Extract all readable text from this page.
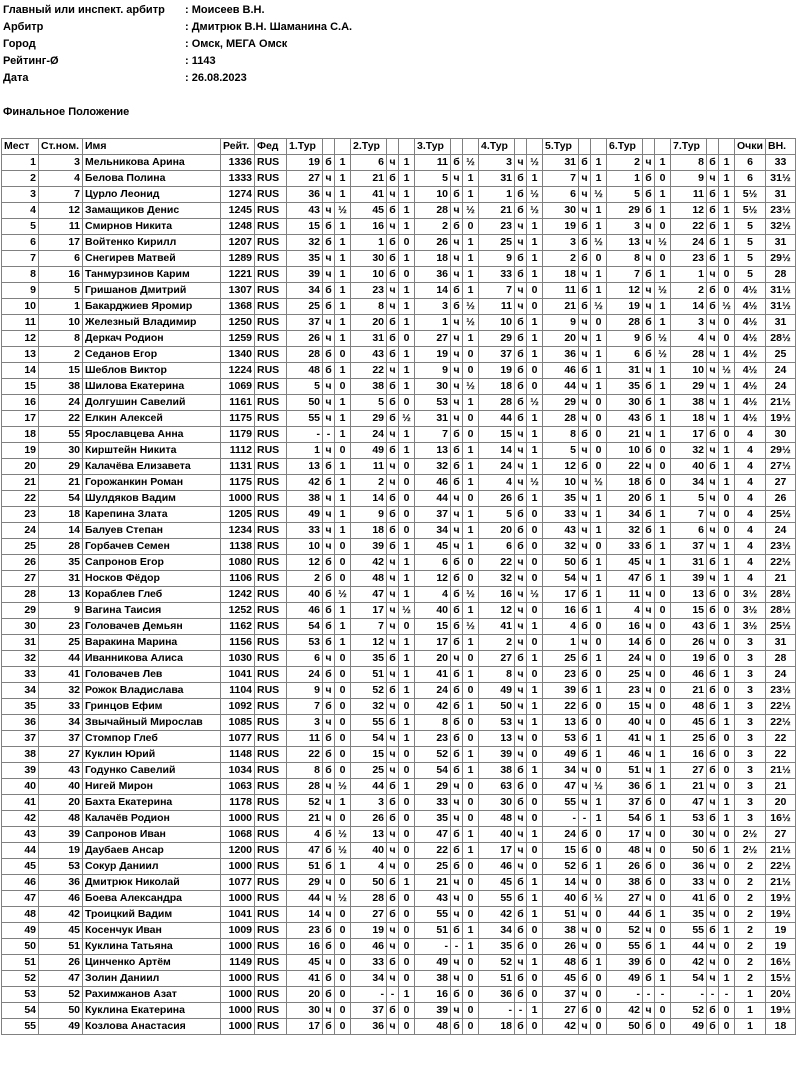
Главный или инспект. арбитр : Моисеев В.Н.
Арбитр	: Дмитрюк В.Н. Шаманина С.А.
Город	: Омск, МЕГА Омск
Рейтинг-Ø	: 1143
Дата	: 26.08.2023
Финальное Положение
Мест	Ст.ном.	Имя	Рейт.	Фед	1.Тур			2.Тур			3.Тур			4.Тур			5.Тур			6.Тур			7.Тур			Очки	ВН.
1	3	Мельникова Арина	1336	RUS	19	б	1	6	ч	1	11	б	½	3	ч	½	31	б	1	2	ч	1	8	б	1	6	33
2	4	Белова Полина	1333	RUS	27	ч	1	21	б	1	5	ч	1	31	б	1	7	ч	1	1	б	0	9	ч	1	6	31½
3	7	Цурло Леонид	1274	RUS	36	ч	1	41	ч	1	10	б	1	1	б	½	6	ч	½	5	б	1	11	б	1	5½	31
4	12	Замащиков Денис	1245	RUS	43	ч	½	45	б	1	28	ч	½	21	б	½	30	ч	1	29	б	1	12	б	1	5½	23½
5	11	Смирнов Никита	1248	RUS	15	б	1	16	ч	1	2	б	0	23	ч	1	19	б	1	3	ч	0	22	б	1	5	32½
6	17	Войтенко Кирилл	1207	RUS	32	б	1	1	б	0	26	ч	1	25	ч	1	3	б	½	13	ч	½	24	б	1	5	31
7	6	Снегирев Матвей	1289	RUS	35	ч	1	30	б	1	18	ч	1	9	б	1	2	б	0	8	ч	0	23	б	1	5	29½
8	16	Танмурзинов Карим	1221	RUS	39	ч	1	10	б	0	36	ч	1	33	б	1	18	ч	1	7	б	1	1	ч	0	5	28
9	5	Гришанов Дмитрий	1307	RUS	34	б	1	23	ч	1	14	б	1	7	ч	0	11	б	1	12	ч	½	2	б	0	4½	31½
10	1	Бакарджиев Яромир	1368	RUS	25	б	1	8	ч	1	3	б	½	11	ч	0	21	б	½	19	ч	1	14	б	½	4½	31½
11	10	Железный Владимир	1250	RUS	37	ч	1	20	б	1	1	ч	½	10	б	1	9	ч	0	28	б	1	3	ч	0	4½	31
12	8	Деркач Родион	1259	RUS	26	ч	1	31	б	0	27	ч	1	29	б	1	20	ч	1	9	б	½	4	ч	0	4½	28½
13	2	Седанов Егор	1340	RUS	28	б	0	43	б	1	19	ч	0	37	б	1	36	ч	1	6	б	½	28	ч	1	4½	25
14	15	Шеблов Виктор	1224	RUS	48	б	1	22	ч	1	9	ч	0	19	б	0	46	б	1	31	ч	1	10	ч	½	4½	24
15	38	Шилова Екатерина	1069	RUS	5	ч	0	38	б	1	30	ч	½	18	б	0	44	ч	1	35	б	1	29	ч	1	4½	24
16	24	Долгушин Савелий	1161	RUS	50	ч	1	5	б	0	53	ч	1	28	б	½	29	ч	0	30	б	1	38	ч	1	4½	21½
17	22	Елкин Алексей	1175	RUS	55	ч	1	29	б	½	31	ч	0	44	б	1	28	ч	0	43	б	1	18	ч	1	4½	19½
18	55	Ярославцева Анна	1179	RUS	-	-	1	24	ч	1	7	б	0	15	ч	1	8	б	0	21	ч	1	17	б	0	4	30
19	30	Кирштейн Никита	1112	RUS	1	ч	0	49	б	1	13	б	1	14	ч	1	5	ч	0	10	б	0	32	ч	1	4	29½
20	29	Калачёва Елизавета	1131	RUS	13	б	1	11	ч	0	32	б	1	24	ч	1	12	б	0	22	ч	0	40	б	1	4	27½
21	21	Горожанкин Роман	1175	RUS	42	б	1	2	ч	0	46	б	1	4	ч	½	10	ч	½	18	б	0	34	ч	1	4	27
22	54	Шулдяков Вадим	1000	RUS	38	ч	1	14	б	0	44	ч	0	26	б	1	35	ч	1	20	б	1	5	ч	0	4	26
23	18	Карепина Злата	1205	RUS	49	ч	1	9	б	0	37	ч	1	5	б	0	33	ч	1	34	б	1	7	ч	0	4	25½
24	14	Балуев Степан	1234	RUS	33	ч	1	18	б	0	34	ч	1	20	б	0	43	ч	1	32	б	1	6	ч	0	4	24
25	28	Горбачев Семен	1138	RUS	10	ч	0	39	б	1	45	ч	1	6	б	0	32	ч	0	33	б	1	37	ч	1	4	23½
26	35	Сапронов Егор	1080	RUS	12	б	0	42	ч	1	6	б	0	22	ч	0	50	б	1	45	ч	1	31	б	1	4	22½
27	31	Носков Фёдор	1106	RUS	2	б	0	48	ч	1	12	б	0	32	ч	0	54	ч	1	47	б	1	39	ч	1	4	21
28	13	Кораблев Глеб	1242	RUS	40	б	½	47	ч	1	4	б	½	16	ч	½	17	б	1	11	ч	0	13	б	0	3½	28½
29	9	Вагина Таисия	1252	RUS	46	б	1	17	ч	½	40	б	1	12	ч	0	16	б	1	4	ч	0	15	б	0	3½	28½
30	23	Головачев Демьян	1162	RUS	54	б	1	7	ч	0	15	б	½	41	ч	1	4	б	0	16	ч	0	43	б	1	3½	25½
31	25	Варакина Марина	1156	RUS	53	б	1	12	ч	1	17	б	1	2	ч	0	1	ч	0	14	б	0	26	ч	0	3	31
32	44	Иванникова Алиса	1030	RUS	6	ч	0	35	б	1	20	ч	0	27	б	1	25	б	1	24	ч	0	19	б	0	3	28
33	41	Головачев Лев	1041	RUS	24	б	0	51	ч	1	41	б	1	8	ч	0	23	б	0	25	ч	0	46	б	1	3	24
34	32	Рожок Владислава	1104	RUS	9	ч	0	52	б	1	24	б	0	49	ч	1	39	б	1	23	ч	0	21	б	0	3	23½
35	33	Гринцов Ефим	1092	RUS	7	б	0	32	ч	0	42	б	1	50	ч	1	22	б	0	15	ч	0	48	б	1	3	22½
36	34	Звычайный Мирослав	1085	RUS	3	ч	0	55	б	1	8	б	0	53	ч	1	13	б	0	40	ч	0	45	б	1	3	22½
37	37	Стомпор Глеб	1077	RUS	11	б	0	54	ч	1	23	б	0	13	ч	0	53	б	1	41	ч	1	25	б	0	3	22
38	27	Куклин Юрий	1148	RUS	22	б	0	15	ч	0	52	б	1	39	ч	0	49	б	1	46	ч	1	16	б	0	3	22
39	43	Годунко Савелий	1034	RUS	8	б	0	25	ч	0	54	б	1	38	б	1	34	ч	0	51	ч	1	27	б	0	3	21½
40	40	Нигей Мирон	1063	RUS	28	ч	½	44	б	1	29	ч	0	63	б	0	47	ч	½	36	б	1	21	ч	0	3	21
41	20	Бахта Екатерина	1178	RUS	52	ч	1	3	б	0	33	ч	0	30	б	0	55	ч	1	37	б	0	47	ч	1	3	20
42	48	Калачёв Родион	1000	RUS	21	ч	0	26	б	0	35	ч	0	48	ч	0	-	-	1	54	б	1	53	б	1	3	16½
43	39	Сапронов Иван	1068	RUS	4	б	½	13	ч	0	47	б	1	40	ч	1	24	б	0	17	ч	0	30	ч	0	2½	27
44	19	Даубаев Ансар	1200	RUS	47	б	½	40	ч	0	22	б	1	17	ч	0	15	б	0	48	ч	0	50	б	1	2½	21½
45	53	Сокур Даниил	1000	RUS	51	б	1	4	ч	0	25	б	0	46	ч	0	52	б	1	26	б	0	36	ч	0	2	22½
46	36	Дмитрюк Николай	1077	RUS	29	ч	0	50	б	1	21	ч	0	45	б	1	14	ч	0	38	б	0	33	ч	0	2	21½
47	46	Боева Александра	1000	RUS	44	ч	½	28	б	0	43	ч	0	55	б	1	40	б	½	27	ч	0	41	б	0	2	19½
48	42	Троицкий Вадим	1041	RUS	14	ч	0	27	б	0	55	ч	0	42	б	1	51	ч	0	44	б	1	35	ч	0	2	19½
49	45	Косенчук Иван	1009	RUS	23	б	0	19	ч	0	51	б	1	34	б	0	38	ч	0	52	ч	0	55	б	1	2	19
50	51	Куклина Татьяна	1000	RUS	16	б	0	46	ч	0	-	-	1	35	б	0	26	ч	0	55	б	1	44	ч	0	2	19
51	26	Цинченко Артём	1149	RUS	45	ч	0	33	б	0	49	ч	0	52	ч	1	48	б	1	39	б	0	42	ч	0	2	16½
52	47	Золин Даниил	1000	RUS	41	б	0	34	ч	0	38	ч	0	51	б	0	45	б	0	49	б	1	54	ч	1	2	15½
53	52	Рахимжанов Азат	1000	RUS	20	б	0	-	-	1	16	б	0	36	б	0	37	ч	0	-	-	-	-	-	-	1	20½
54	50	Куклина Екатерина	1000	RUS	30	ч	0	37	б	0	39	ч	0	-	-	1	27	б	0	42	ч	0	52	б	0	1	19½
55	49	Козлова Анастасия	1000	RUS	17	б	0	36	ч	0	48	б	0	18	б	0	42	ч	0	50	б	0	49	б	0	1	18
